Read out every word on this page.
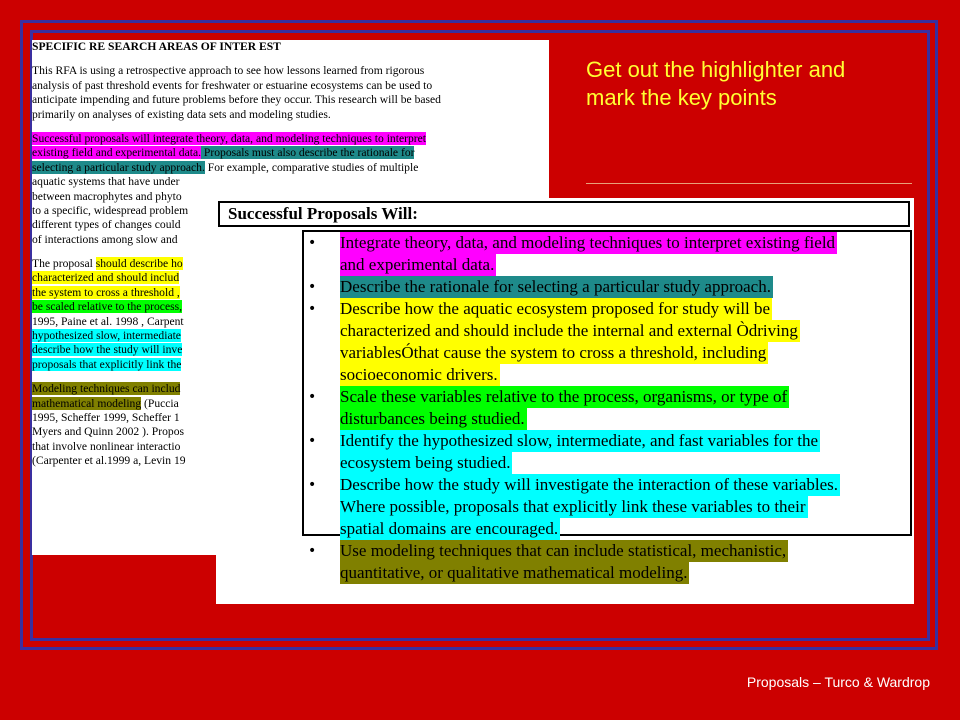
SPECIFIC RE SEARCH AREAS OF INTER EST
This RFA is using a retrospective approach to see how lessons learned from rigorous
analysis of past threshold events for freshwater or estuarine ecosystems can be used to
anticipate impending and future problems before they occur. This research will be based
primarily on analyses of existing data sets and modeling studies.
Successful proposals will integrate theory, data, and modeling techniques to interpret
existing field and experimental data. Proposals must also describe the rationale for
selecting a particular study approach. For example, comparative studies of multiple
aquatic systems that have under
between macrophytes and phyto
to a specific, widespread problem
different types of changes could
of interactions among slow and
The proposal should describe ho
characterized and should includ
the system to cross a threshold ,
be scaled relative to the process,
1995, Paine et al. 1998 , Carpent
hypothesized slow, intermediate
describe how the study will inve
proposals that explicitly link the
Modeling techniques can includ
mathematical modeling (Puccia
1995, Scheffer 1999, Scheffer 1
Myers and Quinn 2002 ). Propos
that involve nonlinear interactio
(Carpenter et al.1999 a, Levin 19
Get out the highlighter and
mark the key points
Successful Proposals Will:
• Integrate theory, data, and modeling techniques to interpret existing field
and experimental data.
• Describe the rationale for selecting a particular study approach.
• Describe how the aquatic ecosystem proposed for study will be
characterized and should include the internal and external Òdriving
variablesÓthat cause the system to cross a threshold, including
socioeconomic drivers.
• Scale these variables relative to the process, organisms, or type of
disturbances being studied.
• Identify the hypothesized slow, intermediate, and fast variables for the
ecosystem being studied.
• Describe how the study will investigate the interaction of these variables.
Where possible, proposals that explicitly link these variables to their
spatial domains are encouraged.
• Use modeling techniques that can include statistical, mechanistic,
quantitative, or qualitative mathematical modeling.
Proposals – Turco & Wardrop
